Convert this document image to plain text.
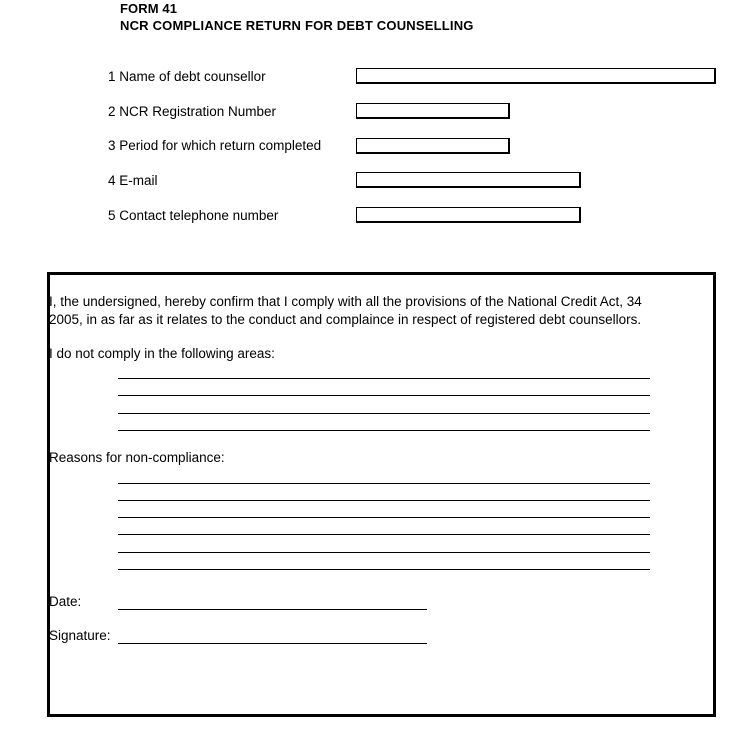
FORM 41
NCR COMPLIANCE RETURN FOR DEBT COUNSELLING
1 Name of debt counsellor
2 NCR Registration Number
3 Period for which return completed
4 E-mail
5 Contact telephone number
I, the undersigned, hereby confirm that I comply with all the provisions of the National Credit Act, 34
2005, in as far as it relates to the conduct and complaince in respect of registered debt counsellors.
I do not comply in the following areas:
Reasons for non-compliance:
Date:
Signature:
